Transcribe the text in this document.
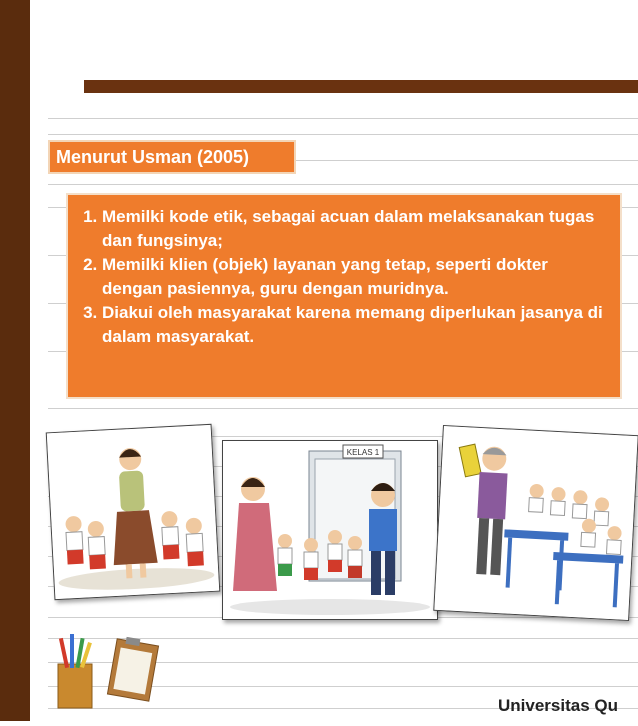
Menurut Usman (2005)
1. Memilki kode etik, sebagai acuan dalam melaksanakan tugas dan fungsinya;
2. Memilki klien (objek) layanan yang tetap, seperti dokter dengan pasiennya, guru dengan muridnya.
3. Diakui oleh masyarakat karena memang diperlukan jasanya di dalam masyarakat.
KELAS 1
Universitas Qu
